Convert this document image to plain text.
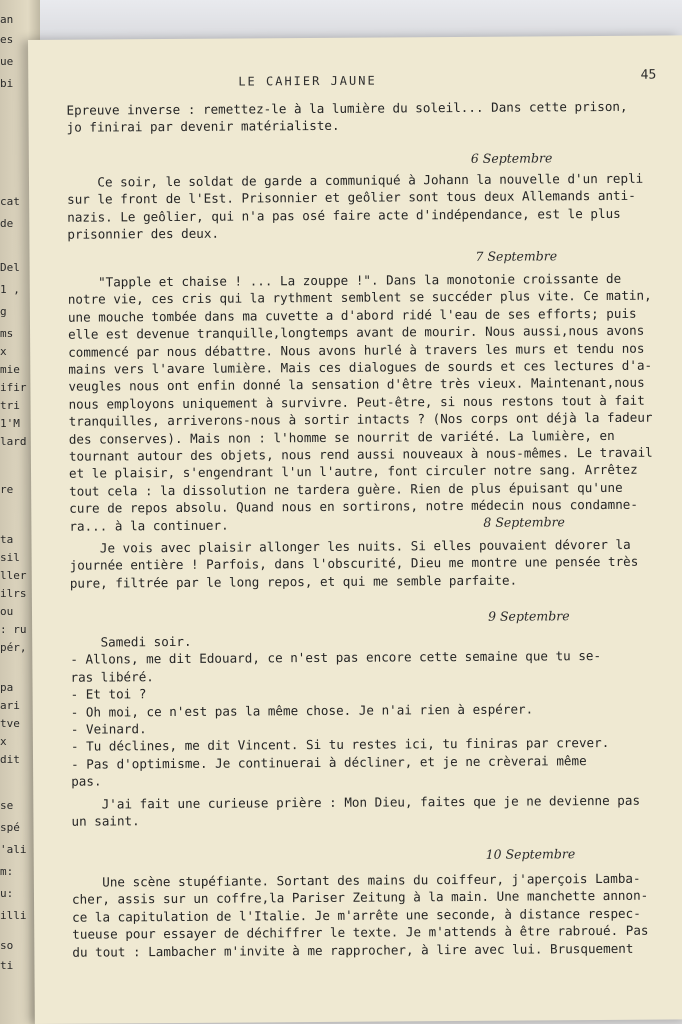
an
es
ue
bi
cat
de
Del
1 ,
g
ms
x
mie
ifir
tri
1'M
lard
re
ta
sil
ller
ilrs
ou
: ru
pér,
pa
ari
tve
x
dit
se
spé
'ali
m:
u:
illi
so
ti
LE CAHIER JAUNE	45

Epreuve inverse : remettez-le à la lumière du soleil... Dans cette prison,
jo finirai par devenir matérialiste.

6 Septembre

Ce soir, le soldat de garde a communiqué à Johann la nouvelle d'un repli
sur le front de l'Est. Prisonnier et geôlier sont tous deux Allemands anti-
nazis. Le geôlier, qui n'a pas osé faire acte d'indépendance, est le plus
prisonnier des deux.

7 Septembre

"Tapple et chaise ! ... La zouppe !". Dans la monotonie croissante de
notre vie, ces cris qui la rythment semblent se succéder plus vite. Ce matin,
une mouche tombée dans ma cuvette a d'abord ridé l'eau de ses efforts; puis
elle est devenue tranquille,longtemps avant de mourir. Nous aussi,nous avons
commencé par nous débattre. Nous avons hurlé à travers les murs et tendu nos
mains vers l'avare lumière. Mais ces dialogues de sourds et ces lectures d'a-
veugles nous ont enfin donné la sensation d'être très vieux. Maintenant,nous
nous employons uniquement à survivre. Peut-être, si nous restons tout à fait
tranquilles, arriverons-nous à sortir intacts ? (Nos corps ont déjà la fadeur
des conserves). Mais non : l'homme se nourrit de variété. La lumière, en
tournant autour des objets, nous rend aussi nouveaux à nous-mêmes. Le travail
et le plaisir, s'engendrant l'un l'autre, font circuler notre sang. Arrêtez
tout cela : la dissolution ne tardera guère. Rien de plus épuisant qu'une
cure de repos absolu. Quand nous en sortirons, notre médecin nous condamne-
ra... à la continuer.	8 Septembre

Je vois avec plaisir allonger les nuits. Si elles pouvaient dévorer la
journée entière ! Parfois, dans l'obscurité, Dieu me montre une pensée très
pure, filtrée par le long repos, et qui me semble parfaite.

9 Septembre

Samedi soir.
- Allons, me dit Edouard, ce n'est pas encore cette semaine que tu se-
ras libéré.
- Et toi ?
- Oh moi, ce n'est pas la même chose. Je n'ai rien à espérer.
- Veinard.
- Tu déclines, me dit Vincent. Si tu restes ici, tu finiras par crever.
- Pas d'optimisme. Je continuerai à décliner, et je ne crèverai même
pas.

J'ai fait une curieuse prière : Mon Dieu, faites que je ne devienne pas
un saint.

10 Septembre

Une scène stupéfiante. Sortant des mains du coiffeur, j'aperçois Lamba-
cher, assis sur un coffre,la Pariser Zeitung à la main. Une manchette annon-
ce la capitulation de l'Italie. Je m'arrête une seconde, à distance respec-
tueuse pour essayer de déchiffrer le texte. Je m'attends à être rabroué. Pas
du tout : Lambacher m'invite à me rapprocher, à lire avec lui. Brusquement
